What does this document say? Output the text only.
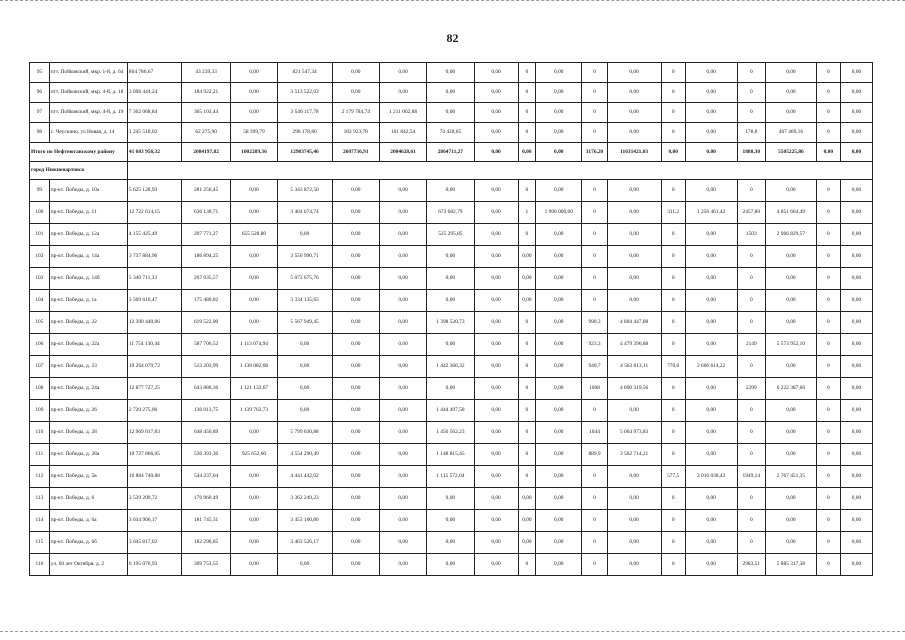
82
95	пгт. Пойковский, мкр. 1-й, д. 64	864 786,67	43 239,33	0,00	821 547,34	0,00	0,00	0,00	0,00	0	0,00	0	0,00	0	0,00	0	0,00	0	0,00
96	пгт. Пойковский, мкр. 4-й, д. 18	3 698 444,24	184 922,21	0,00	3 513 522,03	0,00	0,00	0,00	0,00	0	0,00	0	0,00	0	0,00	0	0,00	0	0,00
97	пгт. Пойковский, мкр. 4-й, д. 19	7 302 068,84	365 103,44	0,00	3 546 117,78	2 179 784,74	1 211 062,88	0,00	0,00	0	0,00	0	0,00	0	0,00	0	0,00	0	0,00
98	с. Чеускино, ул Новая, д. 14	1 245 518,02	62 275,90	58 399,79	298 178,80	182 923,78	101 842,54	74 428,05	0,00	0	0,00	0	0,00	0	0,00	178,8	467 469,16	0	0,00
Итого по Нефтеюганскому району		41 683 956,32	2084197,82	1002289,36	12983745,46	2607736,91	2004628,61	2864711,27	0,00	0,00	0,00	3176,20	11631421,03	0,00	0,00	1888,30	5505225,86	0,00	0,00
город Нижневартовск																			
99	пр-кт. Победы, д. 10а	5 625 128,93	281 256,45	0,00	5 343 872,50	0,00	0,00	0,00	0,00	0	0,00	0	0,00	0	0,00	0	0,00	0	0,00
100	пр-кт. Победы, д. 11	12 722 614,15	636 130,71	0,00	3 404 674,74	0,00	0,00	673 682,79	0,00	1	1 900 000,00	0	0,00	311,2	1 256 461,42	2457,80	4 851 664,49	0	0,00
101	пр-кт. Победы, д. 12а	4 155 425,49	207 771,27	655 528,80	0,00	0,00	0,00	525 295,85	0,00	0	0,00	0	0,00	0	0,00	1503	2 966 829,57	0	0,00
102	пр-кт. Победы, д. 14а	3 737 884,96	186 894,25	0,00	3 550 990,71	0,00	0,00	0,00	0,00	0,00	0,00	0	0,00	0	0,00	0	0,00	0	0,00
103	пр-кт. Победы, д. 14б	5 340 711,33	267 035,57	0,00	5 073 675,76	0,00	0,00	0,00	0,00	0,00	0,00	0	0,00	0	0,00	0	0,00	0	0,00
104	пр-кт. Победы, д. 1а	3 509 616,47	175 480,82	0,00	3 334 135,65	0,00	0,00	0,00	0,00	0,00	0,00	0	0,00	0	0,00	0	0,00	0	0,00
105	пр-кт. Победы, д. 22	12 390 440,06	619 522,00	0,00	5 567 949,45	0,00	0,00	1 398 520,73	0,00	0	0,00	990,3	4 804 447,88	0	0,00	0	0,00	0	0,00
106	пр-кт. Победы, д. 22а	11 754 130,44	587 706,52	1 113 074,94	0,00	0,00	0,00	0,00	0,00	0	0,00	923,3	4 479 396,88	0	0,00	2149	5 573 952,10	0	0,00
107	пр-кт. Победы, д. 23	10 264 079,72	513 203,99	1 138 082,08	0,00	0,00	0,00	1 442 366,32	0,00	0	0,00	940,7	4 563 813,11	770,6	2 606 614,22	0	0,00	0	0,00
108	пр-кт. Победы, д. 24а	12 877 727,25	643 886,36	1 121 133,67	0,00	0,00	0,00	0,00	0,00	0	0,00	1008	4 890 319,56	0	0,00	2399	6 222 387,66	0	0,00
109	пр-кт. Победы, д. 26	2 720 275,06	136 013,75	1 139 763,73	0,00	0,00	0,00	1 444 497,58	0,00	0	0,00	0	0,00	0	0,00	0	0,00	0	0,00
110	пр-кт. Победы, д. 28	12 969 017,83	648 450,89	0,00	5 799 030,88	0,00	0,00	1 456 562,23	0,00	0	0,00	1044	5 064 973,83	0	0,00	0	0,00	0	0,00
111	пр-кт. Победы, д. 28а	10 727 866,05	536 393,30	925 652,60	4 554 290,49	0,00	0,00	1 148 815,45	0,00	0	0,00	889,9	3 562 714,21	0	0,00	0	0,00	0	0,00
112	пр-кт. Победы, д. 5в	10 884 740,88	544 237,04	0,00	4 441 442,02	0,00	0,00	1 115 572,04	0,00	0	0,00	0	0,00	577,5	2 016 038,43	1949,14	2 767 451,35	0	0,00
113	пр-кт. Победы, д. 6	3 539 209,72	176 960,49	0,00	3 362 249,23	0,00	0,00	0,00	0,00	0,00	0,00	0	0,00	0	0,00	0	0,00	0	0,00
114	пр-кт. Победы, д. 6а	3 634 906,17	181 745,31	0,00	3 453 160,86	0,00	0,00	0,00	0,00	0,00	0,00	0	0,00	0	0,00	0	0,00	0	0,00
115	пр-кт. Победы, д. 6б	3 645 817,02	182 290,85	0,00	3 463 526,17	0,00	0,00	0,00	0,00	0,00	0,00	0	0,00	0	0,00	0	0,00	0	0,00
116	ул. 60 лет Октября, д. 2	6 195 070,93	309 753,55	0,00	0,00	0,00	0,00	0,00	0,00	0	0,00	0	0,00	0	0,00	2983,51	5 885 317,38	0	0,00
